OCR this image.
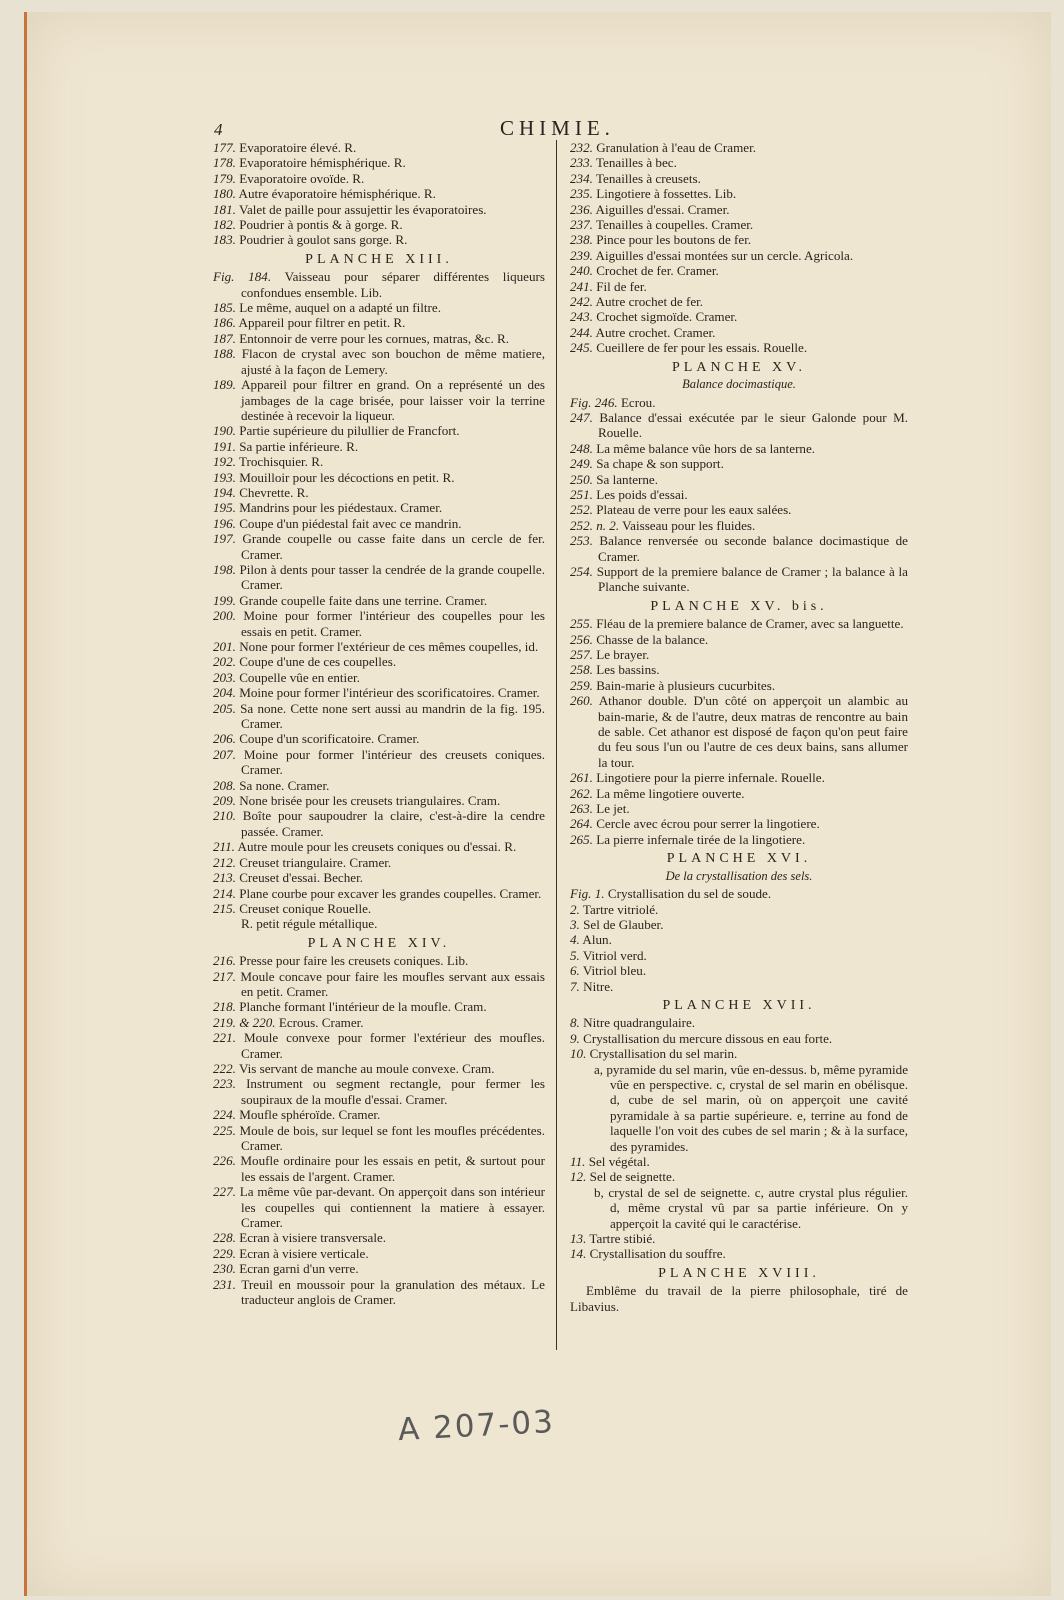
4	CHIMIE.
177. Evaporatoire élevé. R.
178. Evaporatoire hémisphérique. R.
179. Evaporatoire ovoïde. R.
180. Autre évaporatoire hémisphérique. R.
181. Valet de paille pour assujettir les évaporatoires.
182. Poudrier à pontis & à gorge. R.
183. Poudrier à goulot sans gorge. R.
PLANCHE XIII.
Fig. 184. Vaisseau pour séparer différentes liqueurs confondues ensemble. Lib.
185. Le même, auquel on a adapté un filtre.
186. Appareil pour filtrer en petit. R.
187. Entonnoir de verre pour les cornues, matras, &c. R.
188. Flacon de crystal avec son bouchon de même matiere, ajusté à la façon de Lemery.
189. Appareil pour filtrer en grand. On a représenté un des jambages de la cage brisée, pour laisser voir la terrine destinée à recevoir la liqueur.
190. Partie supérieure du pilullier de Francfort.
191. Sa partie inférieure. R.
192. Trochisquier. R.
193. Mouilloir pour les décoctions en petit. R.
194. Chevrette. R.
195. Mandrins pour les piédestaux. Cramer.
196. Coupe d'un piédestal fait avec ce mandrin.
197. Grande coupelle ou casse faite dans un cercle de fer. Cramer.
198. Pilon à dents pour tasser la cendrée de la grande coupelle. Cramer.
199. Grande coupelle faite dans une terrine. Cramer.
200. Moine pour former l'intérieur des coupelles pour les essais en petit. Cramer.
201. None pour former l'extérieur de ces mêmes coupelles, id.
202. Coupe d'une de ces coupelles.
203. Coupelle vûe en entier.
204. Moine pour former l'intérieur des scorificatoires. Cramer.
205. Sa none. Cette none sert aussi au mandrin de la fig. 195. Cramer.
206. Coupe d'un scorificatoire. Cramer.
207. Moine pour former l'intérieur des creusets coniques. Cramer.
208. Sa none. Cramer.
209. None brisée pour les creusets triangulaires. Cram.
210. Boîte pour saupoudrer la claire, c'est-à-dire la cendre passée. Cramer.
211. Autre moule pour les creusets coniques ou d'essai. R.
212. Creuset triangulaire. Cramer.
213. Creuset d'essai. Becher.
214. Plane courbe pour excaver les grandes coupelles. Cramer.
215. Creuset conique Rouelle.
R. petit régule métallique.
PLANCHE XIV.
216. Presse pour faire les creusets coniques. Lib.
217. Moule concave pour faire les moufles servant aux essais en petit. Cramer.
218. Planche formant l'intérieur de la moufle. Cram.
219. & 220. Ecrous. Cramer.
221. Moule convexe pour former l'extérieur des moufles. Cramer.
222. Vis servant de manche au moule convexe. Cram.
223. Instrument ou segment rectangle, pour fermer les soupiraux de la moufle d'essai. Cramer.
224. Moufle sphéroïde. Cramer.
225. Moule de bois, sur lequel se font les moufles précédentes. Cramer.
226. Moufle ordinaire pour les essais en petit, & surtout pour les essais de l'argent. Cramer.
227. La même vûe par-devant. On apperçoit dans son intérieur les coupelles qui contiennent la matiere à essayer. Cramer.
228. Ecran à visiere transversale.
229. Ecran à visiere verticale.
230. Ecran garni d'un verre.
231. Treuil en moussoir pour la granulation des métaux. Le traducteur anglois de Cramer.
232. Granulation à l'eau de Cramer.
233. Tenailles à bec.
234. Tenailles à creusets.
235. Lingotiere à fossettes. Lib.
236. Aiguilles d'essai. Cramer.
237. Tenailles à coupelles. Cramer.
238. Pince pour les boutons de fer.
239. Aiguilles d'essai montées sur un cercle. Agricola.
240. Crochet de fer. Cramer.
241. Fil de fer.
242. Autre crochet de fer.
243. Crochet sigmoïde. Cramer.
244. Autre crochet. Cramer.
245. Cueillere de fer pour les essais. Rouelle.
PLANCHE XV.
Balance docimastique.
Fig. 246. Ecrou.
247. Balance d'essai exécutée par le sieur Galonde pour M. Rouelle.
248. La même balance vûe hors de sa lanterne.
249. Sa chape & son support.
250. Sa lanterne.
251. Les poids d'essai.
252. Plateau de verre pour les eaux salées.
252. n. 2. Vaisseau pour les fluides.
253. Balance renversée ou seconde balance docimastique de Cramer.
254. Support de la premiere balance de Cramer ; la balance à la Planche suivante.
PLANCHE XV. bis.
255. Fléau de la premiere balance de Cramer, avec sa languette.
256. Chasse de la balance.
257. Le brayer.
258. Les bassins.
259. Bain-marie à plusieurs cucurbites.
260. Athanor double. D'un côté on apperçoit un alambic au bain-marie, & de l'autre, deux matras de rencontre au bain de sable. Cet athanor est disposé de façon qu'on peut faire du feu sous l'un ou l'autre de ces deux bains, sans allumer la tour.
261. Lingotiere pour la pierre infernale. Rouelle.
262. La même lingotiere ouverte.
263. Le jet.
264. Cercle avec écrou pour serrer la lingotiere.
265. La pierre infernale tirée de la lingotiere.
PLANCHE XVI.
De la crystallisation des sels.
Fig. 1. Crystallisation du sel de soude.
2. Tartre vitriolé.
3. Sel de Glauber.
4. Alun.
5. Vitriol verd.
6. Vitriol bleu.
7. Nitre.
PLANCHE XVII.
8. Nitre quadrangulaire.
9. Crystallisation du mercure dissous en eau forte.
10. Crystallisation du sel marin.
a, pyramide du sel marin, vûe en-dessus. b, même pyramide vûe en perspective. c, crystal de sel marin en obélisque. d, cube de sel marin, où on apperçoit une cavité pyramidale à sa partie supérieure. e, terrine au fond de laquelle l'on voit des cubes de sel marin ; & à la surface, des pyramides.
11. Sel végétal.
12. Sel de seignette.
b, crystal de sel de seignette. c, autre crystal plus régulier. d, même crystal vû par sa partie inférieure. On y apperçoit la cavité qui le caractérise.
13. Tartre stibié.
14. Crystallisation du souffre.
PLANCHE XVIII.
Emblême du travail de la pierre philosophale, tiré de Libavius.
A 207-03
